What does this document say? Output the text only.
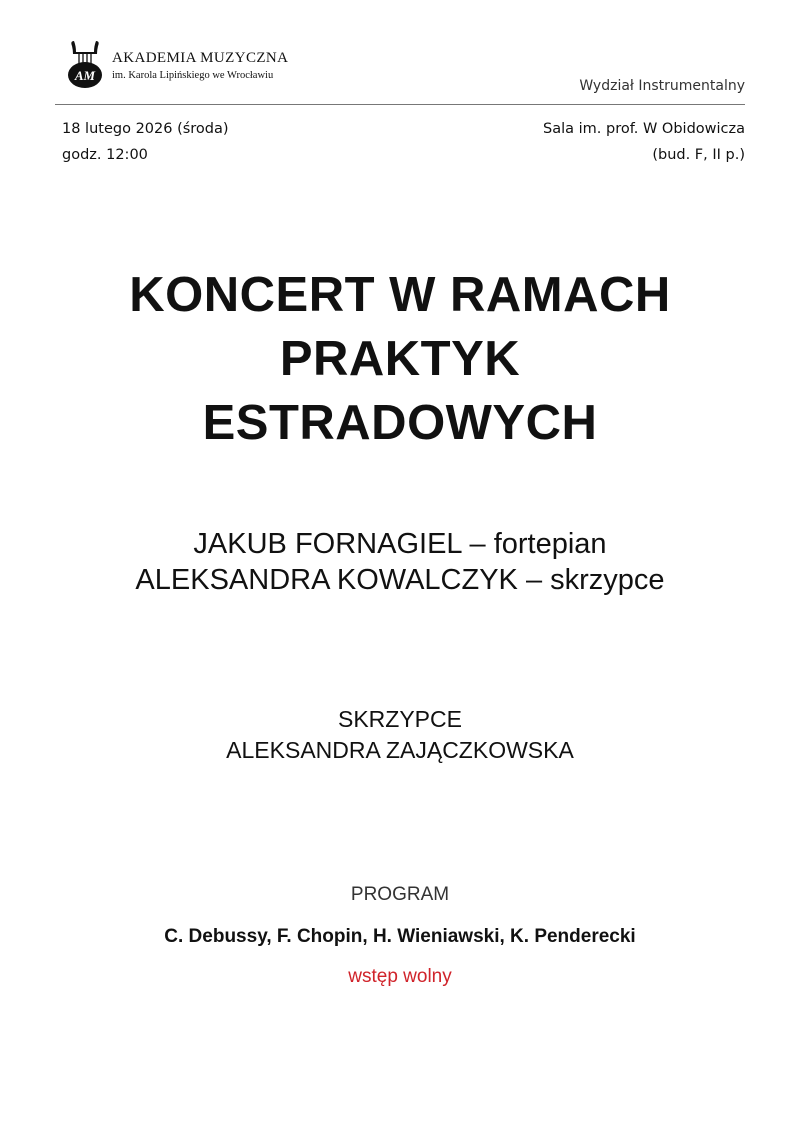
AM
AKADEMIA MUZYCZNA
im. Karola Lipińskiego we Wrocławiu
Wydział Instrumentalny
18 lutego 2026 (środa)
godz. 12:00
Sala im. prof. W Obidowicza
(bud. F, II p.)
KONCERT W RAMACH
PRAKTYK
ESTRADOWYCH
JAKUB FORNAGIEL – fortepian
ALEKSANDRA KOWALCZYK – skrzypce
SKRZYPCE
ALEKSANDRA ZAJĄCZKOWSKA
PROGRAM
C. Debussy, F. Chopin, H. Wieniawski, K. Penderecki
wstęp wolny
